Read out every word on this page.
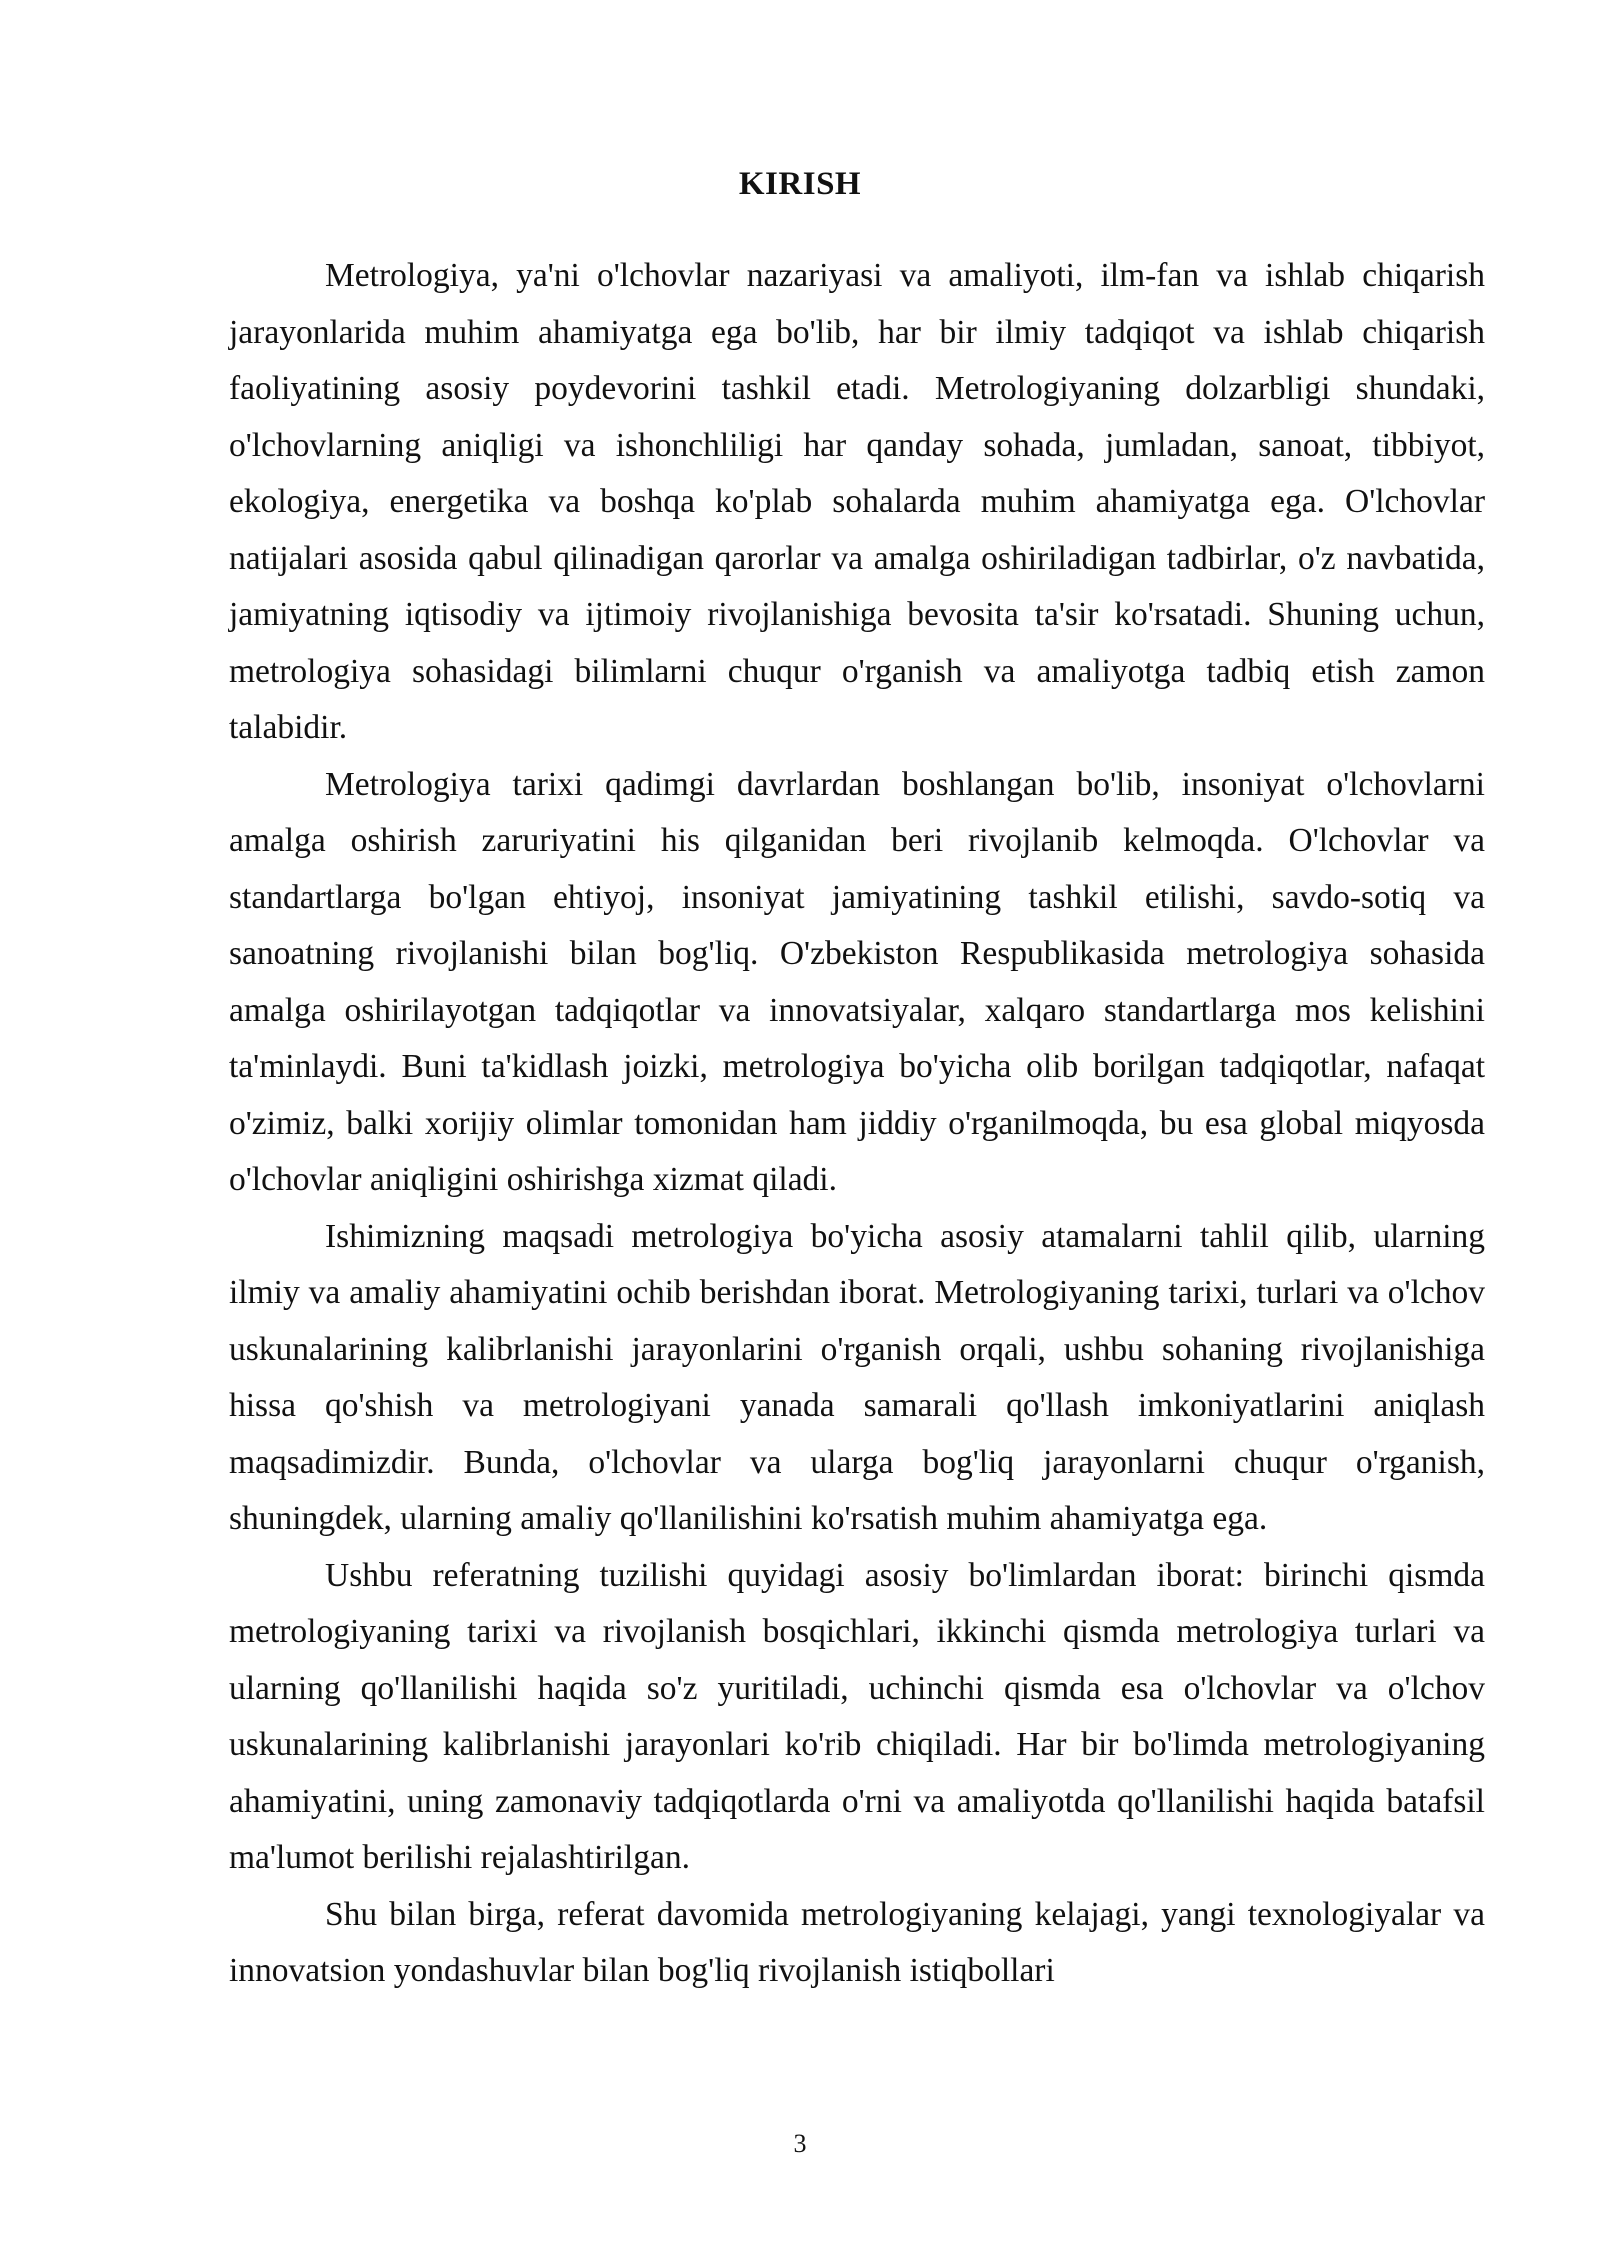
KIRISH

Metrologiya, ya'ni o'lchovlar nazariyasi va amaliyoti, ilm-fan va ishlab chiqarish jarayonlarida muhim ahamiyatga ega bo'lib, har bir ilmiy tadqiqot va ishlab chiqarish faoliyatining asosiy poydevorini tashkil etadi. Metrologiyaning dolzarbligi shundaki, o'lchovlarning aniqligi va ishonchliligi har qanday sohada, jumladan, sanoat, tibbiyot, ekologiya, energetika va boshqa ko'plab sohalarda muhim ahamiyatga ega. O'lchovlar natijalari asosida qabul qilinadigan qarorlar va amalga oshiriladigan tadbirlar, o'z navbatida, jamiyatning iqtisodiy va ijtimoiy rivojlanishiga bevosita ta'sir ko'rsatadi. Shuning uchun, metrologiya sohasidagi bilimlarni chuqur o'rganish va amaliyotga tadbiq etish zamon talabidir.

Metrologiya tarixi qadimgi davrlardan boshlangan bo'lib, insoniyat o'lchovlarni amalga oshirish zaruriyatini his qilganidan beri rivojlanib kelmoqda. O'lchovlar va standartlarga bo'lgan ehtiyoj, insoniyat jamiyatining tashkil etilishi, savdo-sotiq va sanoatning rivojlanishi bilan bog'liq. O'zbekiston Respublikasida metrologiya sohasida amalga oshirilayotgan tadqiqotlar va innovatsiyalar, xalqaro standartlarga mos kelishini ta'minlaydi. Buni ta'kidlash joizki, metrologiya bo'yicha olib borilgan tadqiqotlar, nafaqat o'zimiz, balki xorijiy olimlar tomonidan ham jiddiy o'rganilmoqda, bu esa global miqyosda o'lchovlar aniqligini oshirishga xizmat qiladi.

Ishimizning maqsadi metrologiya bo'yicha asosiy atamalarni tahlil qilib, ularning ilmiy va amaliy ahamiyatini ochib berishdan iborat. Metrologiyaning tarixi, turlari va o'lchov uskunalarining kalibrlanishi jarayonlarini o'rganish orqali, ushbu sohaning rivojlanishiga hissa qo'shish va metrologiyani yanada samarali qo'llash imkoniyatlarini aniqlash maqsadimizdir. Bunda, o'lchovlar va ularga bog'liq jarayonlarni chuqur o'rganish, shuningdek, ularning amaliy qo'llanilishini ko'rsatish muhim ahamiyatga ega.

Ushbu referatning tuzilishi quyidagi asosiy bo'limlardan iborat: birinchi qismda metrologiyaning tarixi va rivojlanish bosqichlari, ikkinchi qismda metrologiya turlari va ularning qo'llanilishi haqida so'z yuritiladi, uchinchi qismda esa o'lchovlar va o'lchov uskunalarining kalibrlanishi jarayonlari ko'rib chiqiladi. Har bir bo'limda metrologiyaning ahamiyatini, uning zamonaviy tadqiqotlarda o'rni va amaliyotda qo'llanilishi haqida batafsil ma'lumot berilishi rejalashtirilgan.

Shu bilan birga, referat davomida metrologiyaning kelajagi, yangi texnologiyalar va innovatsion yondashuvlar bilan bog'liq rivojlanish istiqbollari

3
